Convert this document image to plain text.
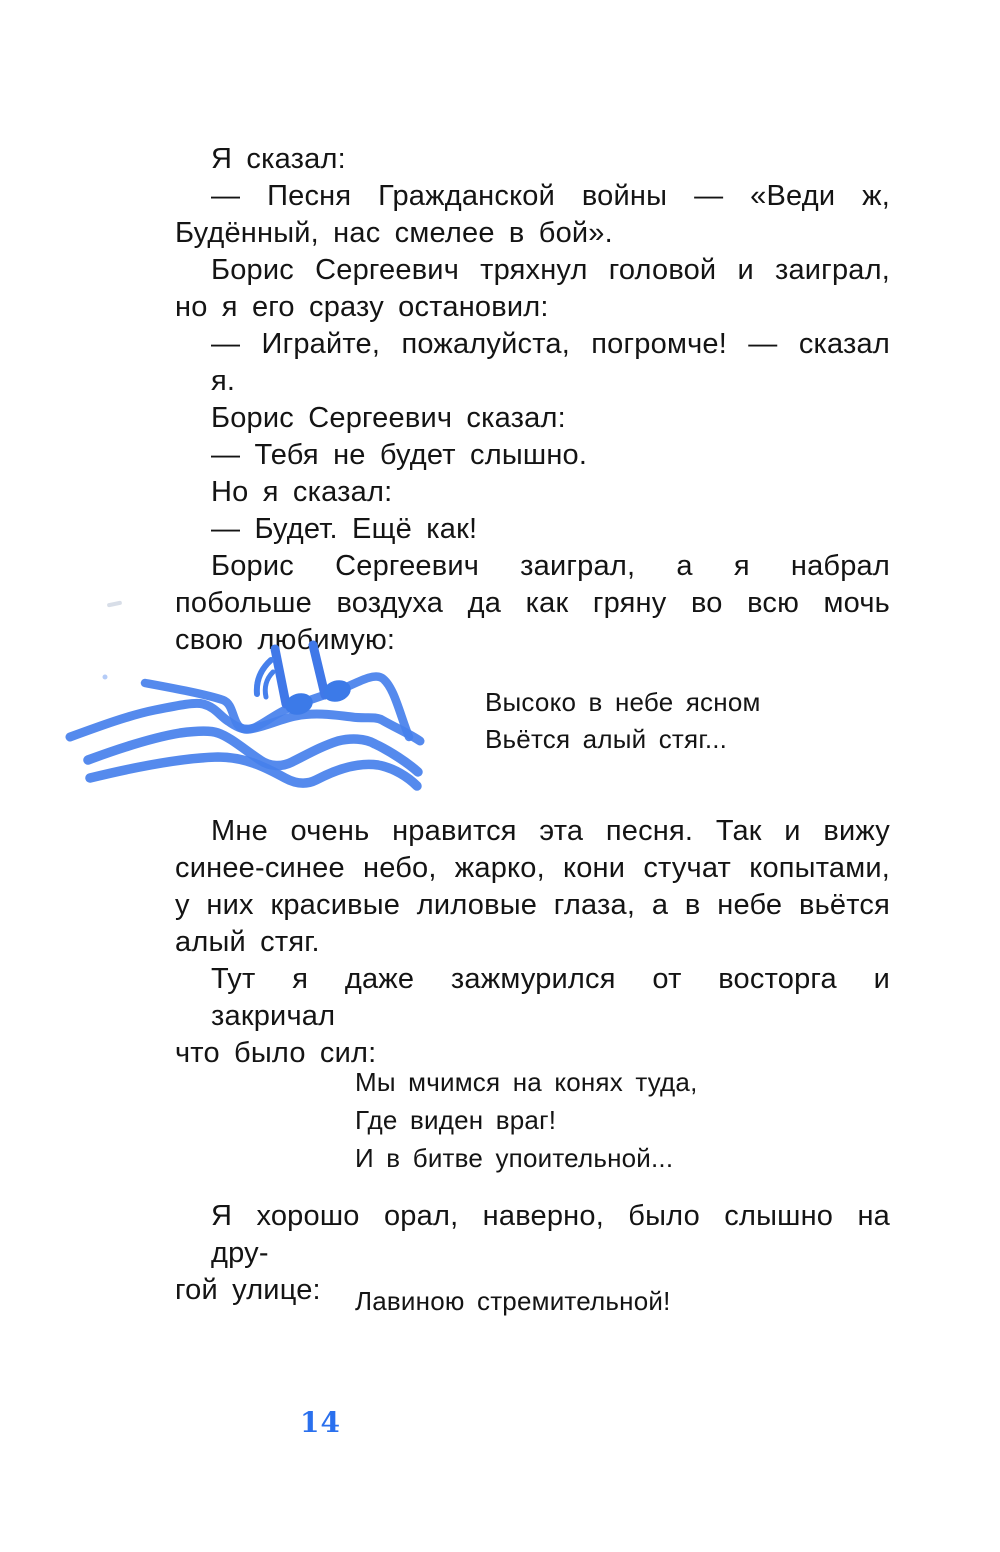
Я сказал:
— Песня Гражданской войны — «Веди ж,
Будённый, нас смелее в бой».
Борис Сергеевич тряхнул головой и заиграл,
но я его сразу остановил:
— Играйте, пожалуйста, погромче! — сказал я.
Борис Сергеевич сказал:
— Тебя не будет слышно.
Но я сказал:
— Будет. Ещё как!
Борис Сергеевич заиграл, а я набрал
побольше воздуха да как гряну во всю мочь
свою любимую:
Высоко в небе ясном
Вьётся алый стяг...
Мне очень нравится эта песня. Так и вижу
синее-синее небо, жарко, кони стучат копытами,
у них красивые лиловые глаза, а в небе вьётся
алый стяг.
Тут я даже зажмурился от восторга и закричал
что было сил:
Мы мчимся на конях туда,
Где виден враг!
И в битве упоительной...
Я хорошо орал, наверно, было слышно на дру-
гой улице:	Лавиною стремительной!
14
